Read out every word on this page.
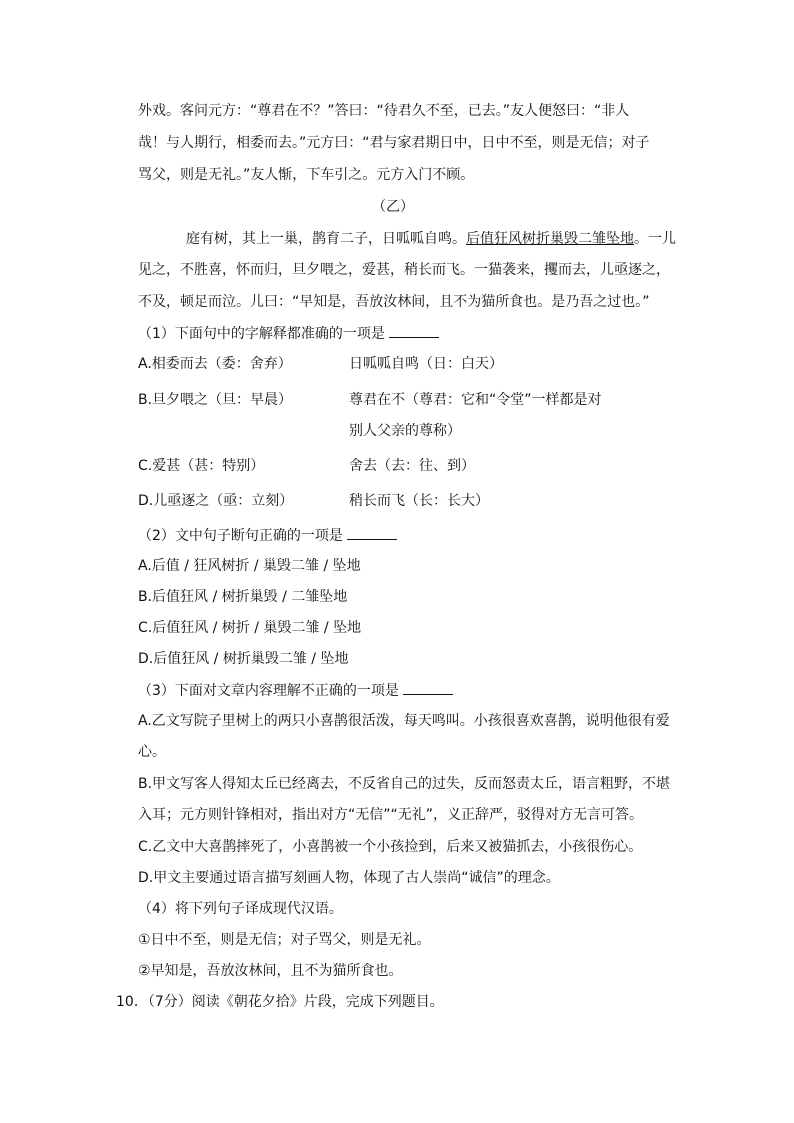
外戏。客问元方：“尊君在不？”答曰：“待君久不至，已去。”友人便怒曰：“非人
哉！与人期行，相委而去。”元方曰：“君与家君期日中，日中不至，则是无信；对子
骂父，则是无礼。”友人惭，下车引之。元方入门不顾。
（乙）
庭有树，其上一巢，鹊育二子，日呱呱自鸣。后值狂风树折巢毁二雏坠地。一儿
见之，不胜喜，怀而归，旦夕喂之，爱甚，稍长而飞。一猫袭来，攫而去，儿亟逐之，
不及，顿足而泣。儿曰：“早知是，吾放汝林间，且不为猫所食也。是乃吾之过也。”
（1）下面句中的字解释都准确的一项是
A.相委而去（委：舍弃）	日呱呱自鸣（日：白天）
B.旦夕喂之（旦：早晨）	尊君在不（尊君：它和“令堂”一样都是对
别人父亲的尊称）
C.爱甚（甚：特别）	舍去（去：往、到）
D.儿亟逐之（亟：立刻）	稍长而飞（长：长大）
（2）文中句子断句正确的一项是
A.后值 / 狂风树折 / 巢毁二雏 / 坠地
B.后值狂风 / 树折巢毁 / 二雏坠地
C.后值狂风 / 树折 / 巢毁二雏 / 坠地
D.后值狂风 / 树折巢毁二雏 / 坠地
（3）下面对文章内容理解不正确的一项是
A.乙文写院子里树上的两只小喜鹊很活泼，每天鸣叫。小孩很喜欢喜鹊，说明他很有爱
心。
B.甲文写客人得知太丘已经离去，不反省自己的过失，反而怒责太丘，语言粗野，不堪
入耳；元方则针锋相对，指出对方“无信”“无礼”，义正辞严，驳得对方无言可答。
C.乙文中大喜鹊摔死了，小喜鹊被一个小孩捡到，后来又被猫抓去，小孩很伤心。
D.甲文主要通过语言描写刻画人物，体现了古人崇尚“诚信”的理念。
（4）将下列句子译成现代汉语。
①日中不至，则是无信；对子骂父，则是无礼。
②早知是，吾放汝林间，且不为猫所食也。
10．（7分）阅读《朝花夕拾》片段，完成下列题目。
